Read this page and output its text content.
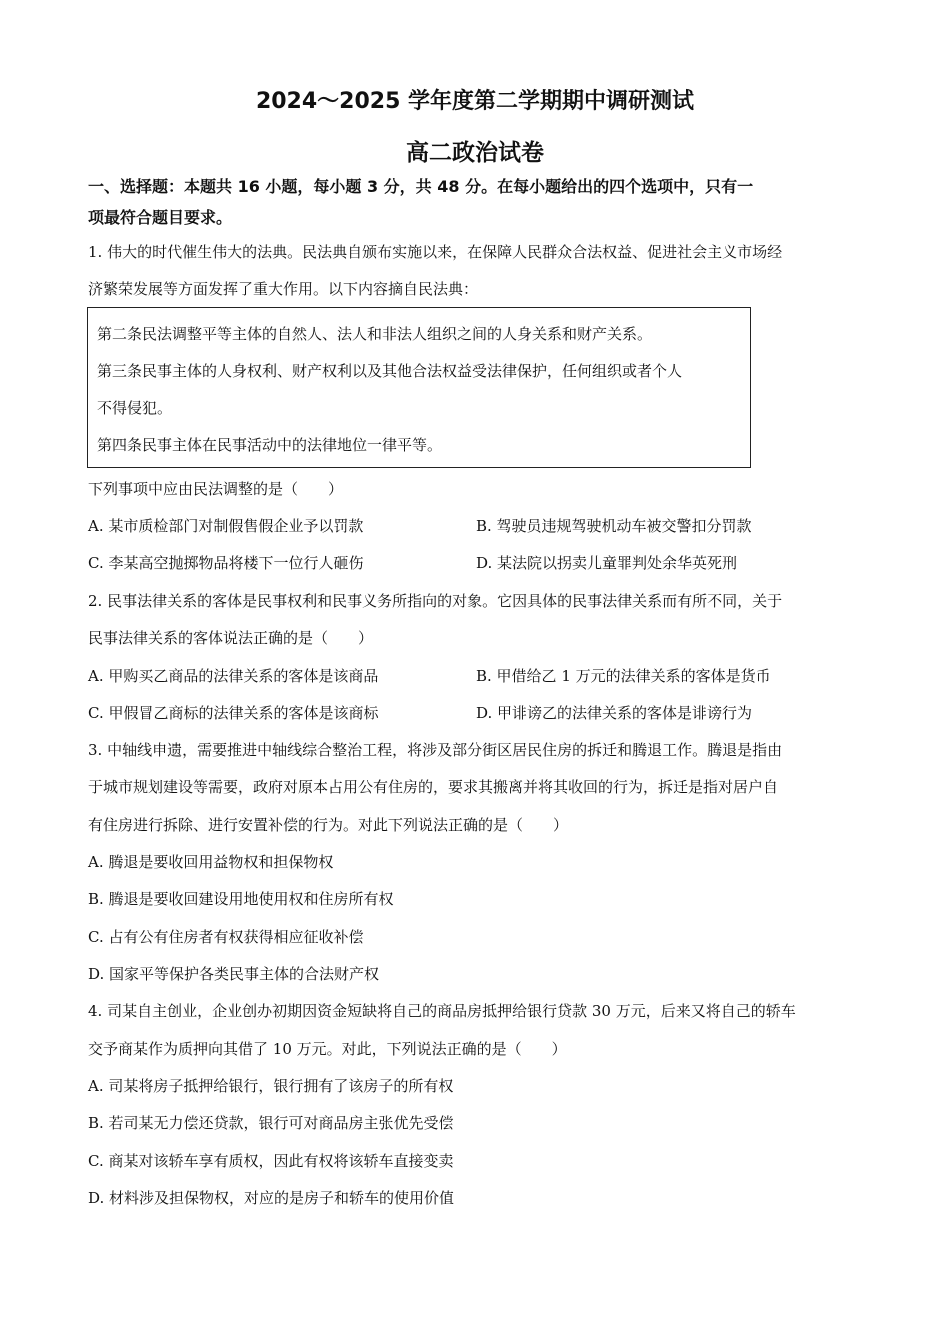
2024～2025 学年度第二学期期中调研测试
高二政治试卷
一、选择题：本题共 16 小题，每小题 3 分，共 48 分。在每小题给出的四个选项中，只有一
项最符合题目要求。
1. 伟大的时代催生伟大的法典。民法典自颁布实施以来，在保障人民群众合法权益、促进社会主义市场经
济繁荣发展等方面发挥了重大作用。以下内容摘自民法典：
第二条民法调整平等主体的自然人、法人和非法人组织之间的人身关系和财产关系。
第三条民事主体的人身权利、财产权利以及其他合法权益受法律保护，任何组织或者个人
不得侵犯。
第四条民事主体在民事活动中的法律地位一律平等。
下列事项中应由民法调整的是（　　）
A. 某市质检部门对制假售假企业予以罚款	B. 驾驶员违规驾驶机动车被交警扣分罚款
C. 李某高空抛掷物品将楼下一位行人砸伤	D. 某法院以拐卖儿童罪判处余华英死刑
2. 民事法律关系的客体是民事权利和民事义务所指向的对象。它因具体的民事法律关系而有所不同，关于
民事法律关系的客体说法正确的是（　　）
A. 甲购买乙商品的法律关系的客体是该商品	B. 甲借给乙 1 万元的法律关系的客体是货币
C. 甲假冒乙商标的法律关系的客体是该商标	D. 甲诽谤乙的法律关系的客体是诽谤行为
3. 中轴线申遗，需要推进中轴线综合整治工程，将涉及部分街区居民住房的拆迁和腾退工作。腾退是指由
于城市规划建设等需要，政府对原本占用公有住房的，要求其搬离并将其收回的行为，拆迁是指对居户自
有住房进行拆除、进行安置补偿的行为。对此下列说法正确的是（　　）
A. 腾退是要收回用益物权和担保物权
B. 腾退是要收回建设用地使用权和住房所有权
C. 占有公有住房者有权获得相应征收补偿
D. 国家平等保护各类民事主体的合法财产权
4. 司某自主创业，企业创办初期因资金短缺将自己的商品房抵押给银行贷款 30 万元，后来又将自己的轿车
交予商某作为质押向其借了 10 万元。对此，下列说法正确的是（　　）
A. 司某将房子抵押给银行，银行拥有了该房子的所有权
B. 若司某无力偿还贷款，银行可对商品房主张优先受偿
C. 商某对该轿车享有质权，因此有权将该轿车直接变卖
D. 材料涉及担保物权，对应的是房子和轿车的使用价值
